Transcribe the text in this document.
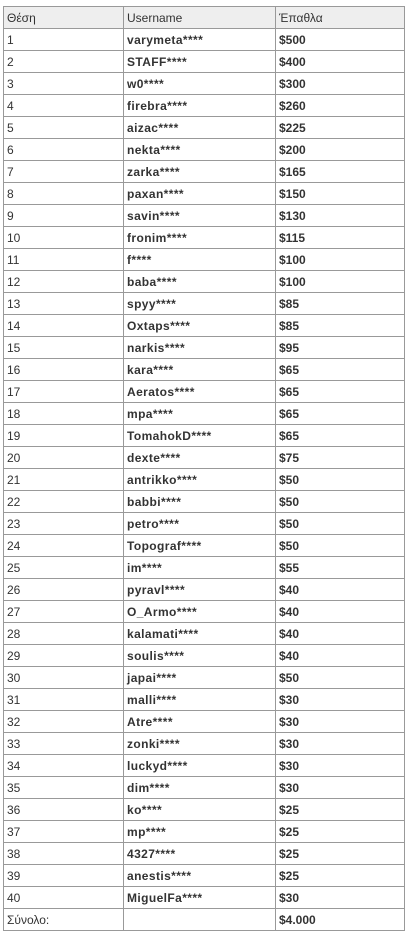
Θέση	Username	Έπαθλα
1	varymeta****	$500
2	STAFF****	$400
3	w0****	$300
4	firebra****	$260
5	aizac****	$225
6	nekta****	$200
7	zarka****	$165
8	paxan****	$150
9	savin****	$130
10	fronim****	$115
11	f****	$100
12	baba****	$100
13	spyy****	$85
14	Oxtaps****	$85
15	narkis****	$95
16	kara****	$65
17	Aeratos****	$65
18	mpa****	$65
19	TomahokD****	$65
20	dexte****	$75
21	antrikko****	$50
22	babbi****	$50
23	petro****	$50
24	Topograf****	$50
25	im****	$55
26	pyravl****	$40
27	O_Armo****	$40
28	kalamati****	$40
29	soulis****	$40
30	japai****	$50
31	malli****	$30
32	Atre****	$30
33	zonki****	$30
34	luckyd****	$30
35	dim****	$30
36	ko****	$25
37	mp****	$25
38	4327****	$25
39	anestis****	$25
40	MiguelFa****	$30
Σύνολο:		$4.000
